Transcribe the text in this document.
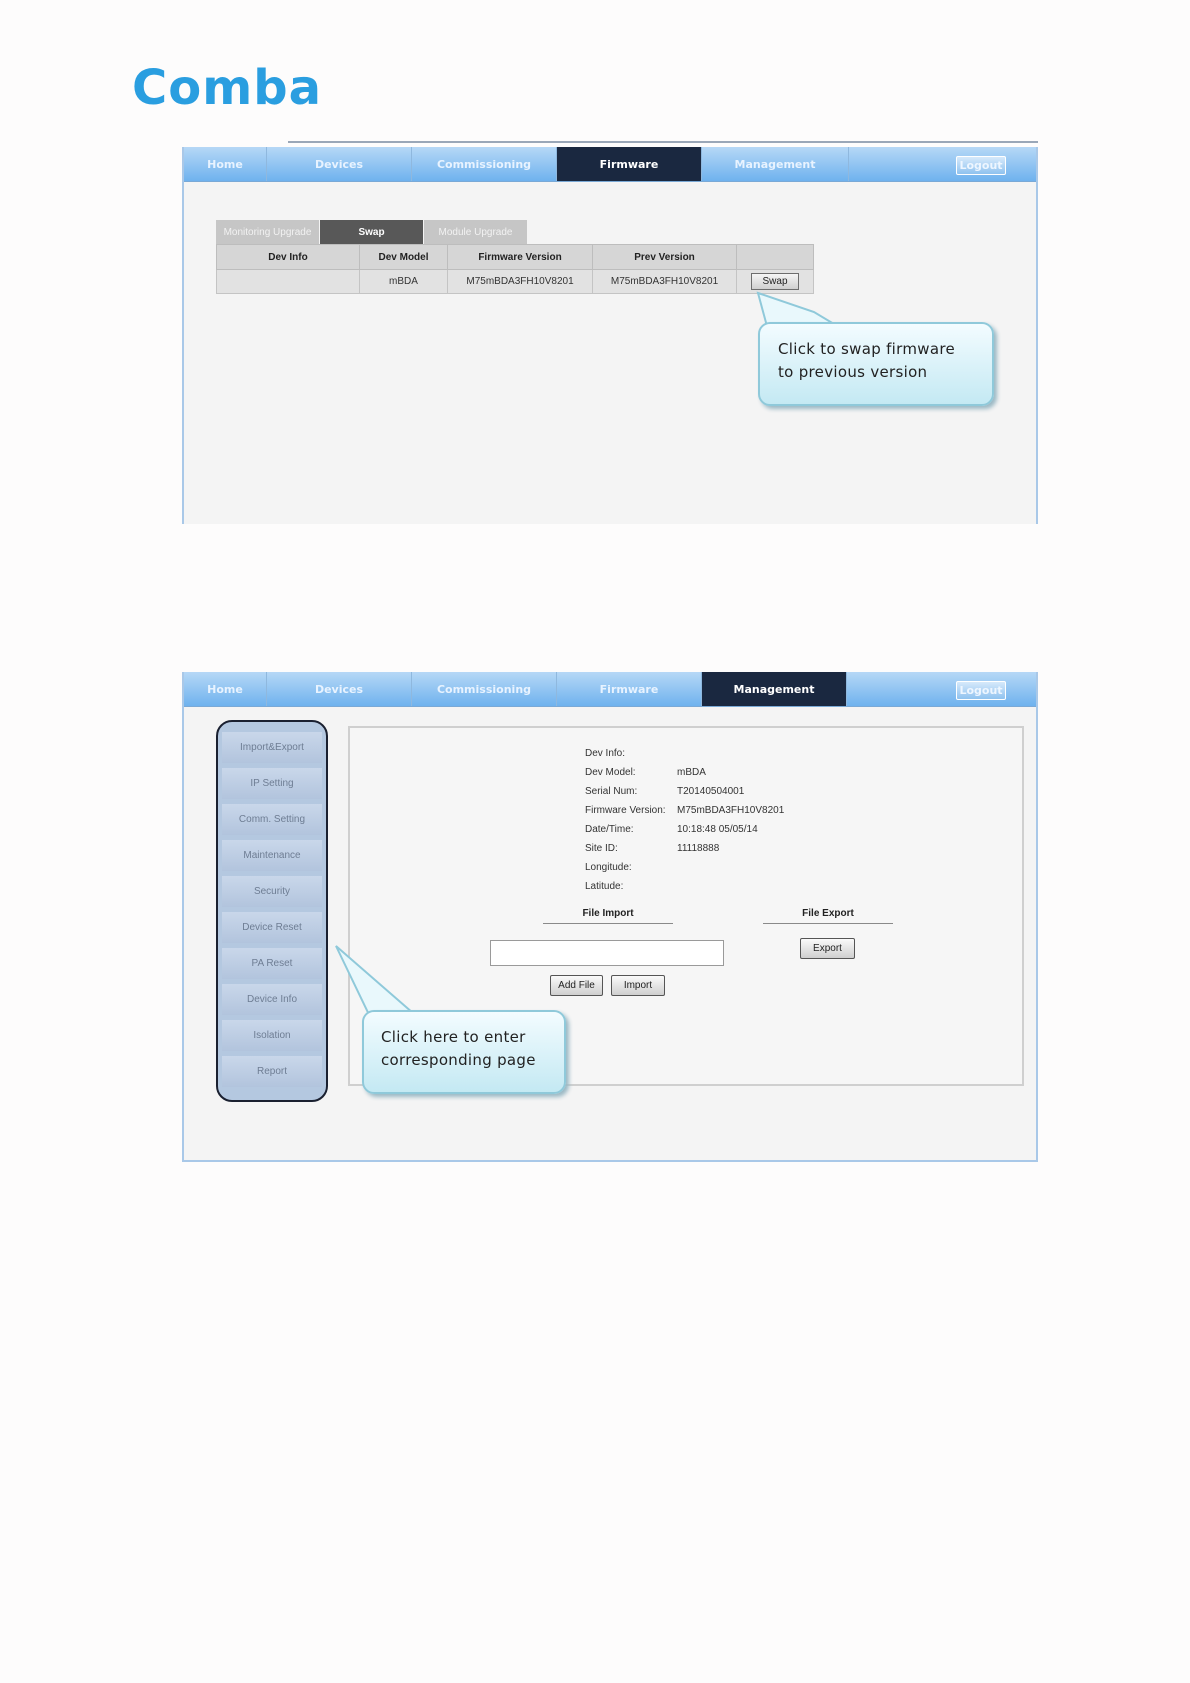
Comba
Home	Devices	Commissioning	Firmware	Management	Logout
Monitoring Upgrade	Swap	Module Upgrade
Dev Info	Dev Model	Firmware Version	Prev Version	
	mBDA	M75mBDA3FH10V8201	M75mBDA3FH10V8201	Swap
Click to swap firmware
to previous version
Home	Devices	Commissioning	Firmware	Management	Logout
Import&Export
IP Setting
Comm. Setting
Maintenance
Security
Device Reset
PA Reset
Device Info
Isolation
Report
Dev Info:
Dev Model:	mBDA
Serial Num:	T20140504001
Firmware Version:	M75mBDA3FH10V8201
Date/Time:	10:18:48 05/05/14
Site ID:	11118888
Longitude:
Latitude:
File Import	File Export
Add File	Import
Export
Click here to enter
corresponding page
